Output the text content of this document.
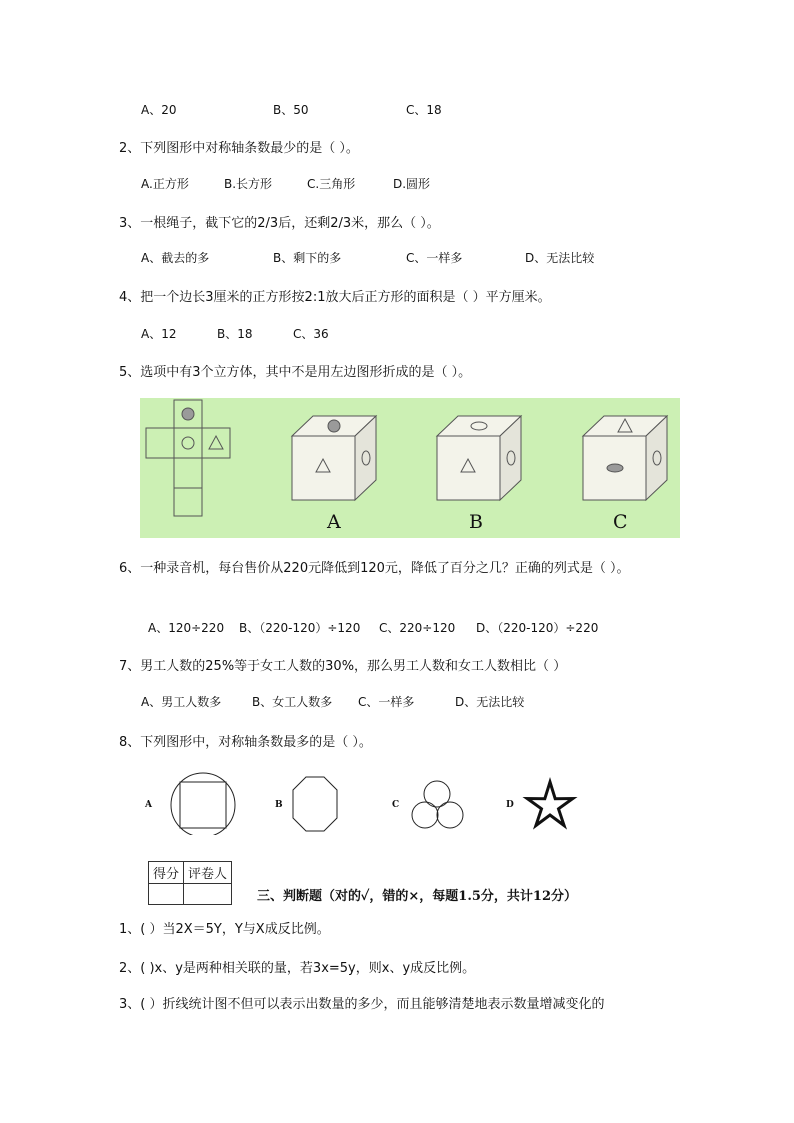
A、20	B、50	C、18
2、下列图形中对称轴条数最少的是（ ）。
A.正方形	B.长方形	C.三角形	D.圆形
3、一根绳子，截下它的2/3后，还剩2/3米，那么（ ）。
A、截去的多	B、剩下的多	C、一样多	D、无法比较
4、把一个边长3厘米的正方形按2:1放大后正方形的面积是（ ）平方厘米。
A、12	B、18	C、36
5、选项中有3个立方体，其中不是用左边图形折成的是（ ）。
A	B	C
6、一种录音机，每台售价从220元降低到120元，降低了百分之几？正确的列式是（ ）。
A、120÷220 B、（220-120）÷120 C、220÷120 D、（220-120）÷220
7、男工人数的25%等于女工人数的30%，那么男工人数和女工人数相比（ ）
A、男工人数多	B、女工人数多 C、一样多	D、无法比较
8、下列图形中，对称轴条数最多的是（ ）。
A	B	C	D
得分	评卷人

三、判断题（对的✓，错的×，每题1.5分，共计12分）
1、( ）当2X＝5Y，Y与X成反比例。
2、( )x、y是两种相关联的量，若3x=5y，则x、y成反比例。
3、( ）折线统计图不但可以表示出数量的多少，而且能够清楚地表示数量增减变化的
